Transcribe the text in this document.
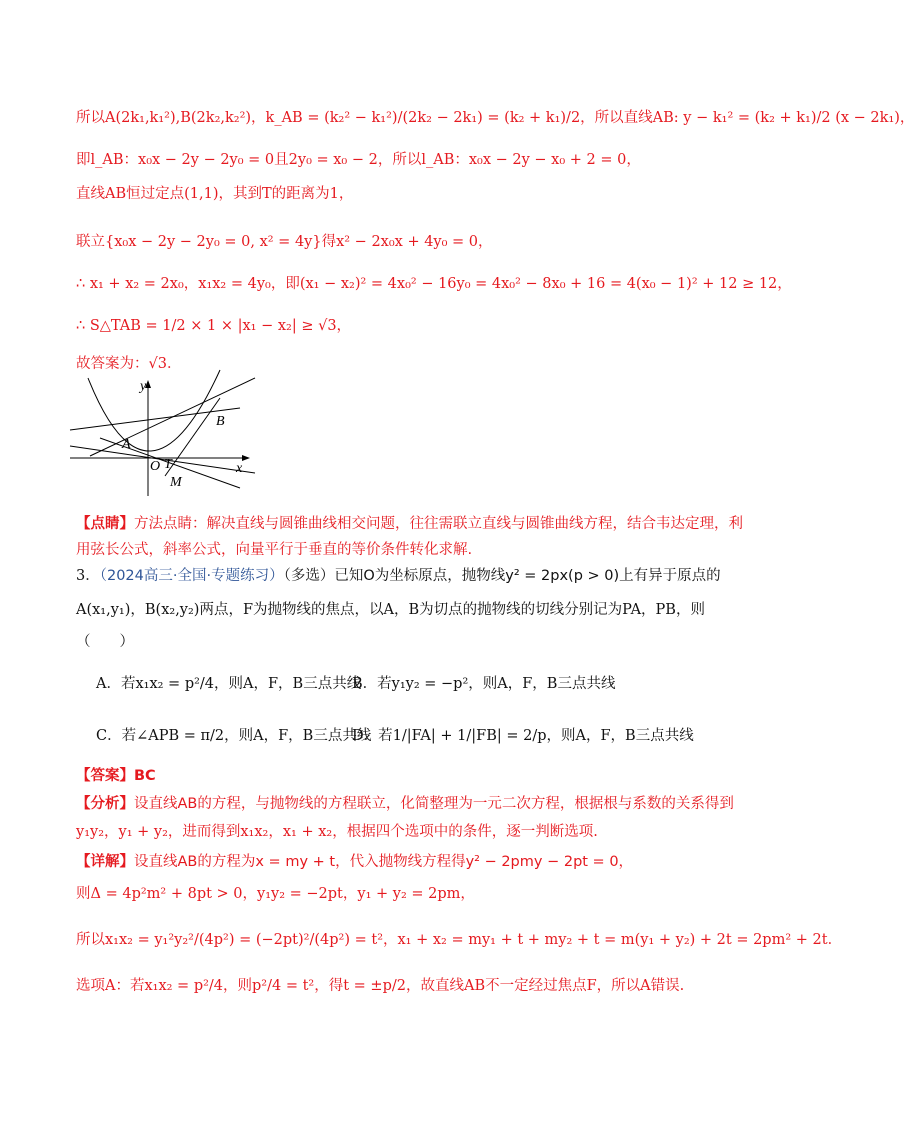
所以A(2k₁,k₁²),B(2k₂,k₂²)，k_AB = (k₂² − k₁²)/(2k₂ − 2k₁) = (k₂ + k₁)/2，所以直线AB: y − k₁² = (k₂ + k₁)/2 (x − 2k₁)，
即l_AB：x₀x − 2y − 2y₀ = 0且2y₀ = x₀ − 2，所以l_AB：x₀x − 2y − x₀ + 2 = 0，
直线AB恒过定点(1,1)，其到T的距离为1，
联立{x₀x − 2y − 2y₀ = 0, x² = 4y}得x² − 2x₀x + 4y₀ = 0，
∴ x₁ + x₂ = 2x₀，x₁x₂ = 4y₀，即(x₁ − x₂)² = 4x₀² − 16y₀ = 4x₀² − 8x₀ + 16 = 4(x₀ − 1)² + 12 ≥ 12，
∴ S△TAB = 1/2 × 1 × |x₁ − x₂| ≥ √3，
故答案为：√3．
y
x
A
B
O T
M
【点睛】方法点睛：解决直线与圆锥曲线相交问题，往往需联立直线与圆锥曲线方程，结合韦达定理，利
用弦长公式，斜率公式，向量平行于垂直的等价条件转化求解.
3．（2024高三·全国·专题练习）（多选）已知O为坐标原点，抛物线y² = 2px(p > 0)上有异于原点的
A(x₁,y₁)，B(x₂,y₂)两点，F为抛物线的焦点，以A，B为切点的抛物线的切线分别记为PA，PB，则
（　　）
A．若x₁x₂ = p²/4，则A，F，B三点共线
B．若y₁y₂ = −p²，则A，F，B三点共线
C．若∠APB = π/2，则A，F，B三点共线
D．若1/|FA| + 1/|FB| = 2/p，则A，F，B三点共线
【答案】BC
【分析】设直线AB的方程，与抛物线的方程联立，化简整理为一元二次方程，根据根与系数的关系得到
y₁y₂，y₁ + y₂，进而得到x₁x₂，x₁ + x₂，根据四个选项中的条件，逐一判断选项.
【详解】设直线AB的方程为x = my + t，代入抛物线方程得y² − 2pmy − 2pt = 0，
则Δ = 4p²m² + 8pt > 0，y₁y₂ = −2pt，y₁ + y₂ = 2pm，
所以x₁x₂ = y₁²y₂²/(4p²) = (−2pt)²/(4p²) = t²，x₁ + x₂ = my₁ + t + my₂ + t = m(y₁ + y₂) + 2t = 2pm² + 2t．
选项A：若x₁x₂ = p²/4，则p²/4 = t²，得t = ±p/2，故直线AB不一定经过焦点F，所以A错误.
